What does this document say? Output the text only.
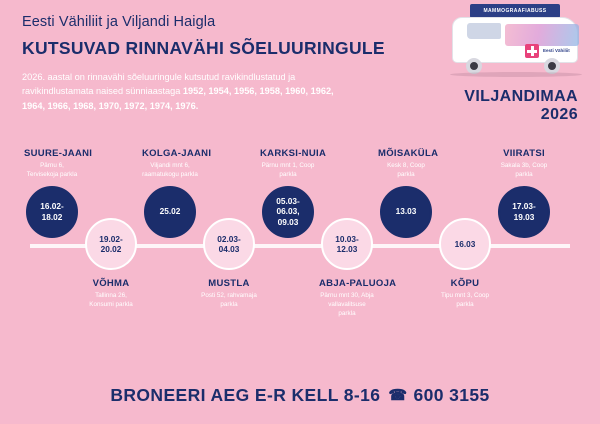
Eesti Vähiliit ja Viljandi Haigla
KUTSUVAD RINNAVÄHI SÕELUURINGULE
2026. aastal on rinnavähi sõeluuringule kutsutud ravikindlustatud ja ravikindlustamata naised sünniaastaga 1952, 1954, 1956, 1958, 1960, 1962, 1964, 1966, 1968, 1970, 1972, 1974, 1976.
VILJANDIMAA
2026
MAMMOGRAAFIABUSS
Eesti Vähiliit
SUURE-JAANI
Pärnu 6, Tervisekoja parkla
16.02-
18.02
19.02-
20.02
VÕHMA
Tallinna 26, Konsumi parkla
KOLGA-JAANI
Viljandi mnt 6, raamatukogu parkla
25.02
02.03-
04.03
MUSTLA
Posti 52, rahvamaja parkla
KARKSI-NUIA
Pärnu mnt 1, Coop parkla
05.03-
06.03,
09.03
10.03-
12.03
ABJA-PALUOJA
Pärnu mnt 30, Abja vallavalitsuse parkla
MÕISAKÜLA
Kesk 8, Coop parkla
13.03
16.03
KÕPU
Tipu mnt 3, Coop parkla
VIIRATSI
Sakala 3b, Coop parkla
17.03-
19.03
BRONEERI AEG E-R KELL 8-16 ☎ 600 3155
